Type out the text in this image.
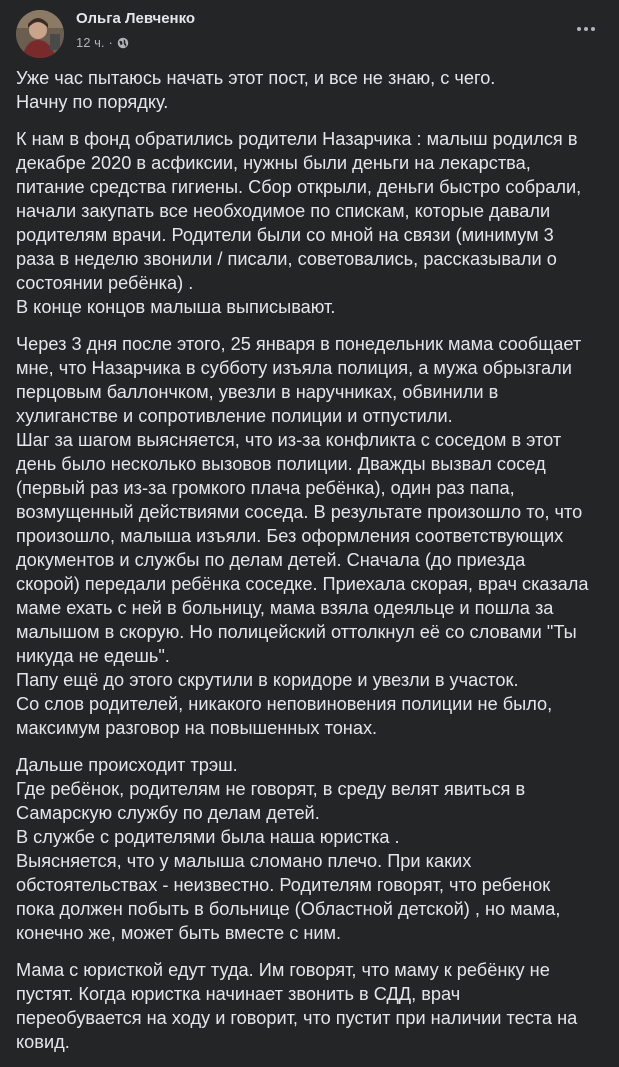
Ольга Левченко
12 ч. ·
Уже час пытаюсь начать этот пост, и все не знаю, с чего.
Начну по порядку.
К нам в фонд обратились родители Назарчика : малыш родился в
декабре 2020 в асфиксии, нужны были деньги на лекарства,
питание средства гигиены. Сбор открыли, деньги быстро собрали,
начали закупать все необходимое по спискам, которые давали
родителям врачи. Родители были со мной на связи (минимум 3
раза в неделю звонили / писали, советовались, рассказывали о
состоянии ребёнка) .
В конце концов малыша выписывают.
Через 3 дня после этого, 25 января в понедельник мама сообщает
мне, что Назарчика в субботу изъяла полиция, а мужа обрызгали
перцовым баллончком, увезли в наручниках, обвинили в
хулиганстве и сопротивление полиции и отпустили.
Шаг за шагом выясняется, что из-за конфликта с соседом в этот
день было несколько вызовов полиции. Дважды вызвал сосед
(первый раз из-за громкого плача ребёнка), один раз папа,
возмущенный действиями соседа. В результате произошло то, что
произошло, малыша изъяли. Без оформления соответствующих
документов и службы по делам детей. Сначала (до приезда
скорой) передали ребёнка соседке. Приехала скорая, врач сказала
маме ехать с ней в больницу, мама взяла одеяльце и пошла за
малышом в скорую. Но полицейский оттолкнул её со словами "Ты
никуда не едешь".
Папу ещё до этого скрутили в коридоре и увезли в участок.
Со слов родителей, никакого неповиновения полиции не было,
максимум разговор на повышенных тонах.
Дальше происходит трэш.
Где ребёнок, родителям не говорят, в среду велят явиться в
Самарскую службу по делам детей.
В службе с родителями была наша юристка .
Выясняется, что у малыша сломано плечо. При каких
обстоятельствах - неизвестно. Родителям говорят, что ребенок
пока должен побыть в больнице (Областной детской) , но мама,
конечно же, может быть вместе с ним.
Мама с юристкой едут туда. Им говорят, что маму к ребёнку не
пустят. Когда юристка начинает звонить в СДД, врач
переобувается на ходу и говорит, что пустит при наличии теста на
ковид.
